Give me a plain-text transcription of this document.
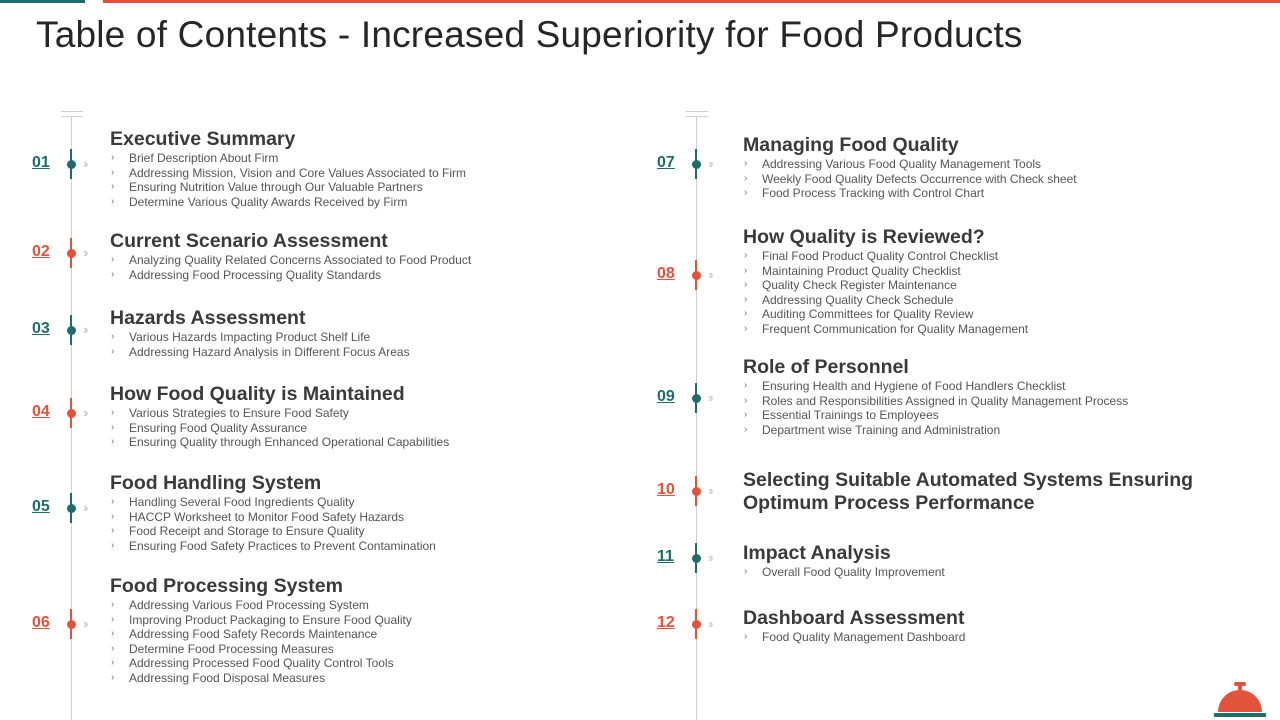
Table of Contents - Increased Superiority for Food Products
01	››
Executive Summary
› Brief Description About Firm
› Addressing Mission, Vision and Core Values Associated to Firm
› Ensuring Nutrition Value through Our Valuable Partners
› Determine Various Quality Awards Received by Firm
02	››
Current Scenario Assessment
› Analyzing Quality Related Concerns Associated to Food Product
› Addressing Food Processing Quality Standards
03	››
Hazards Assessment
› Various Hazards Impacting Product Shelf Life
› Addressing Hazard Analysis in Different Focus Areas
04	››
How Food Quality is Maintained
› Various Strategies to Ensure Food Safety
› Ensuring Food Quality Assurance
› Ensuring Quality through Enhanced Operational Capabilities
05	››
Food Handling System
› Handling Several Food Ingredients Quality
› HACCP Worksheet to Monitor Food Safety Hazards
› Food Receipt and Storage to Ensure Quality
› Ensuring Food Safety Practices to Prevent Contamination
06	››
Food Processing System
› Addressing Various Food Processing System
› Improving Product Packaging to Ensure Food Quality
› Addressing Food Safety Records Maintenance
› Determine Food Processing Measures
› Addressing Processed Food Quality Control Tools
› Addressing Food Disposal Measures
07	››
Managing Food Quality
› Addressing Various Food Quality Management Tools
› Weekly Food Quality Defects Occurrence with Check sheet
› Food Process Tracking with Control Chart
08	››
How Quality is Reviewed?
› Final Food Product Quality Control Checklist
› Maintaining Product Quality Checklist
› Quality Check Register Maintenance
› Addressing Quality Check Schedule
› Auditing Committees for Quality Review
› Frequent Communication for Quality Management
09	››
Role of Personnel
› Ensuring Health and Hygiene of Food Handlers Checklist
› Roles and Responsibilities Assigned in Quality Management Process
› Essential Trainings to Employees
› Department wise Training and Administration
10	›› Selecting Suitable Automated Systems Ensuring Optimum Process Performance
11	›› Impact Analysis
› Overall Food Quality Improvement
12	›› Dashboard Assessment
› Food Quality Management Dashboard
